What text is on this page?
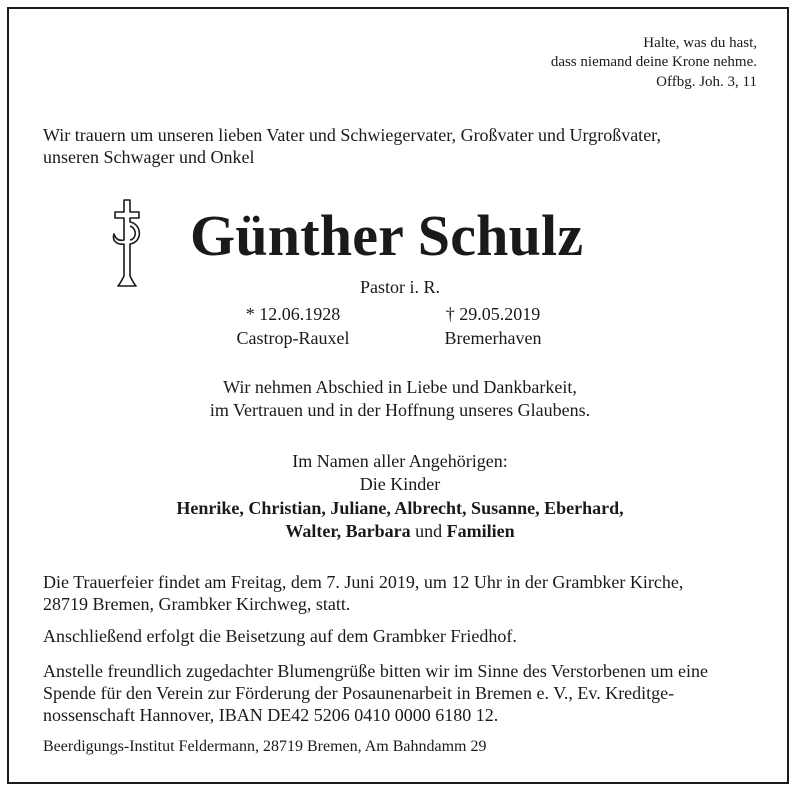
Halte, was du hast,
dass niemand deine Krone nehme.
Offbg. Joh. 3, 11
Wir trauern um unseren lieben Vater und Schwiegervater, Großvater und Urgroßvater,
unseren Schwager und Onkel
Günther Schulz
Pastor i. R.
* 12.06.1928
Castrop-Rauxel
† 29.05.2019
Bremerhaven
Wir nehmen Abschied in Liebe und Dankbarkeit,
im Vertrauen und in der Hoffnung unseres Glaubens.
Im Namen aller Angehörigen:
Die Kinder
Henrike, Christian, Juliane, Albrecht, Susanne, Eberhard,
Walter, Barbara und Familien
Die Trauerfeier findet am Freitag, dem 7. Juni 2019, um 12 Uhr in der Grambker Kirche,
28719 Bremen, Grambker Kirchweg, statt.
Anschließend erfolgt die Beisetzung auf dem Grambker Friedhof.
Anstelle freundlich zugedachter Blumengrüße bitten wir im Sinne des Verstorbenen um eine
Spende für den Verein zur Förderung der Posaunenarbeit in Bremen e. V., Ev. Kreditge-
nossenschaft Hannover, IBAN DE42 5206 0410 0000 6180 12.
Beerdigungs-Institut Feldermann, 28719 Bremen, Am Bahndamm 29
